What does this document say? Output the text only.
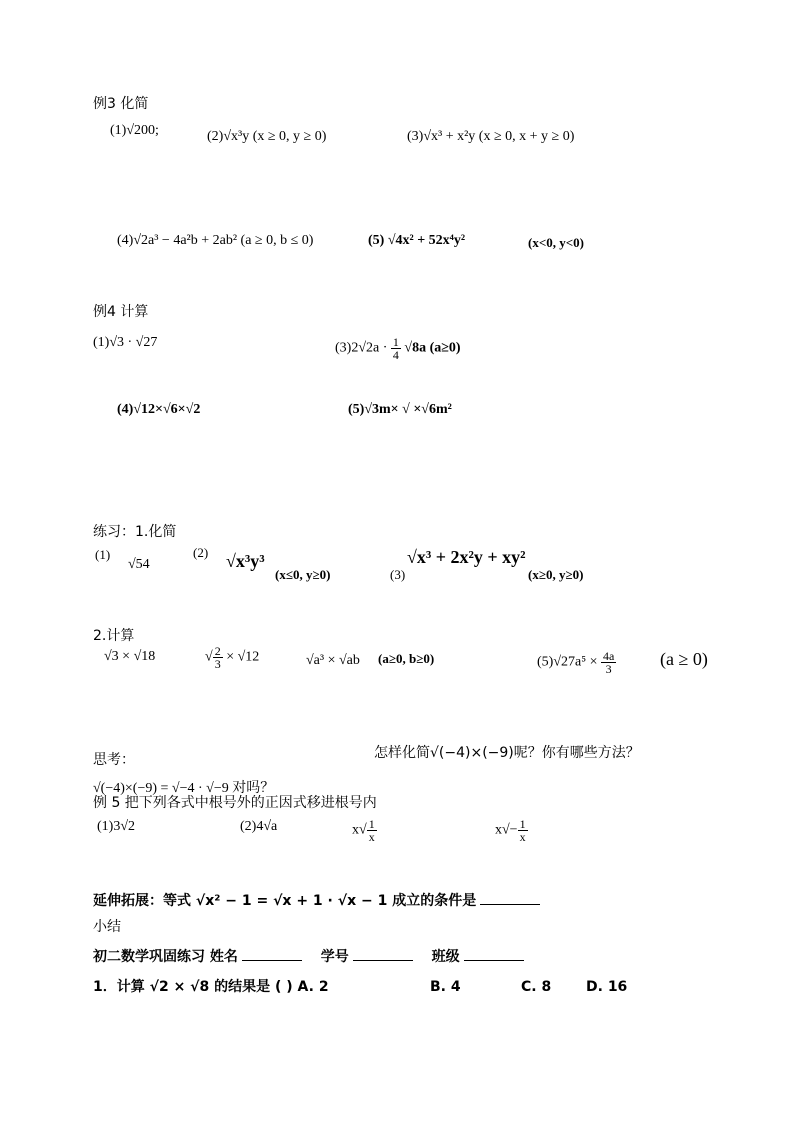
例3 化简
(1)√200;	(2)√x³y (x ≥ 0, y ≥ 0)	(3)√x³ + x²y (x ≥ 0, x + y ≥ 0)
(4)√2a³ − 4a²b + 2ab² (a ≥ 0, b ≤ 0)	(5) √4x² + 52x⁴y²	(x<0, y<0)
例4 计算
(1)√3 · √27	$(3)2√2a \cdot \frac{1}{4} √8a$ (a≥0)
(4)√12×√6×√2	(5)√3m× √ ×√6m²
练习：1.化简
(1)
√54
(2) √x³y³
(x≤0, y≥0)	(3)
√x³ + 2x²y + xy²
(x≥0, y≥0)
2.计算
√3 × √18	√ $\frac{2}{3} \times √12$	√a³ × √ab (a≥0, b≥0)	$(5)√27a^5 \times \frac{4a}{3} (a \ge 0)$
怎样化简√(−4)×(−9)呢？你有哪些方法？
思考：
√(−4)×(−9) = √−4 · √−9 对吗？
例 5 把下列各式中根号外的正因式移进根号内
(1)3√2	(2)4√a	$x√ \frac{1}{x}$	$x√- \frac{1}{x}$
延伸拓展：等式 √x² − 1 = √x + 1 · √x − 1 成立的条件是
小结
初二数学巩固练习 姓名	学号	班级
1．计算 √2 × √8 的结果是 ( ) A. 2	B. 4	C. 8 D. 16
